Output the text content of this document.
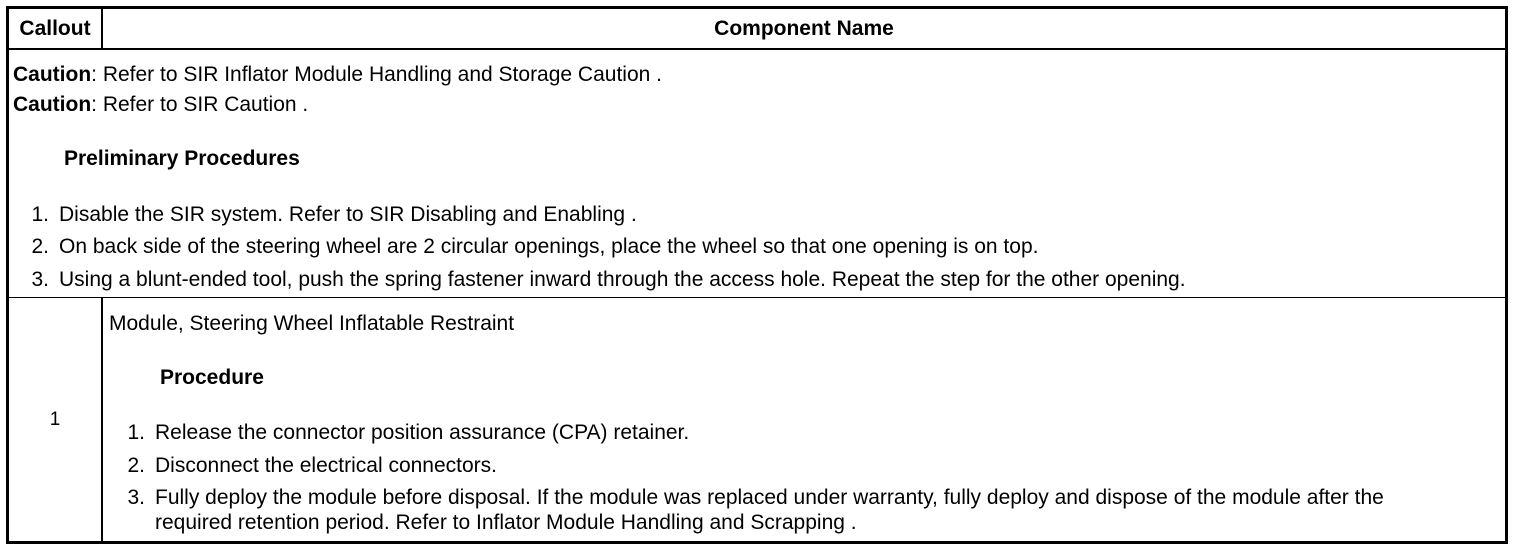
Callout	Component Name
Caution: Refer to SIR Inflator Module Handling and Storage Caution .
Caution: Refer to SIR Caution .
Preliminary Procedures
1. Disable the SIR system. Refer to SIR Disabling and Enabling .
2. On back side of the steering wheel are 2 circular openings, place the wheel so that one opening is on top.
3. Using a blunt-ended tool, push the spring fastener inward through the access hole. Repeat the step for the other opening.
1
Module, Steering Wheel Inflatable Restraint
Procedure
1. Release the connector position assurance (CPA) retainer.
2. Disconnect the electrical connectors.
3. Fully deploy the module before disposal. If the module was replaced under warranty, fully deploy and dispose of the module after the required retention period. Refer to Inflator Module Handling and Scrapping .
